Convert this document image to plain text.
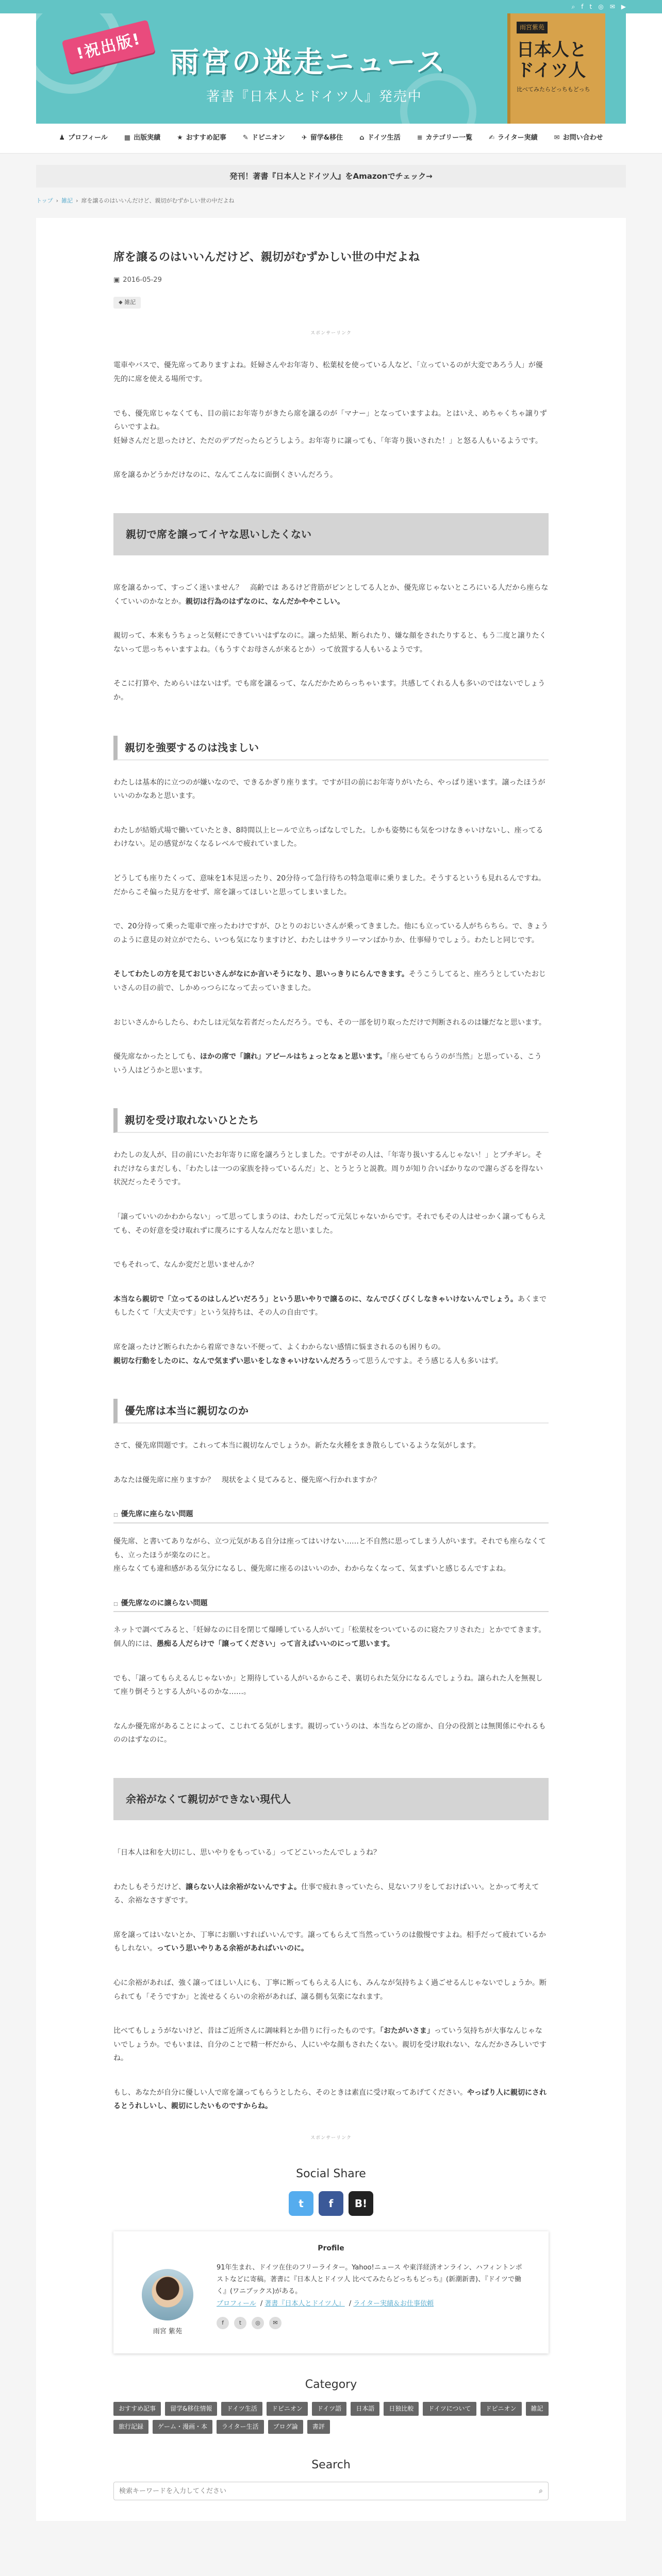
⌕ f t ◎ ✉ ▶
!祝出版! 雨宮の迷走ニュース
著書『日本人とドイツ人』発売中
雨宮紫苑
日本人とドイツ人
比べてみたらどっちもどっち
♟ プロフィール ▦ 出版実績 ★ おすすめ記事 ✎ ドピニオン ✈ 留学&移住 ⌂ ドイツ生活 ≡ カテゴリー一覧 ✍ ライター実績 ✉ お問い合わせ
発刊！著書『日本人とドイツ人』をAmazonでチェック→
トップ › 雑記 › 席を譲るのはいいんだけど、親切がむずかしい世の中だよね
席を譲るのはいいんだけど、親切がむずかしい世の中だよね
▣ 2016-05-29
⬥ 雑記
スポンサーリンク

電車やバスで、優先席ってありますよね。妊婦さんやお年寄り、松葉杖を使っている人など、「立っているのが大変であろう人」が優先的に席を使える場所です。

でも、優先席じゃなくても、目の前にお年寄りがきたら席を譲るのが「マナー」となっていますよね。とはいえ、めちゃくちゃ譲りずらいですよね。
妊婦さんだと思ったけど、ただのデブだったらどうしよう。お年寄りに譲っても、「年寄り扱いされた！」と怒る人もいるようです。

席を譲るかどうかだけなのに、なんてこんなに面倒くさいんだろう。

親切で席を譲ってイヤな思いしたくない

席を譲るかって、すっごく迷いません？　高齢では あるけど背筋がピンとしてる人とか、優先席じゃないところにいる人だから座らなくていいのかなとか。親切は行為のはずなのに、なんだかややこしい。

親切って、本来もうちょっと気軽にできていいはずなのに。譲った結果、断られたり、嫌な顔をされたりすると、もう二度と譲りたくないって思っちゃいますよね。（もうすぐお母さんが来るとか）って放置する人もいるようです。

そこに打算や、ためらいはないはず。でも席を譲るって、なんだかためらっちゃいます。共感してくれる人も多いのではないでしょうか。

親切を強要するのは浅ましい

わたしは基本的に立つのが嫌いなので、できるかぎり座ります。ですが目の前にお年寄りがいたら、やっぱり迷います。譲ったほうがいいのかなあと思います。

わたしが結婚式場で働いていたとき、8時間以上ヒールで立ちっぱなしでした。しかも姿勢にも気をつけなきゃいけないし、座ってるわけない。足の感覚がなくなるレベルで疲れていました。

どうしても座りたくって、意味を1本見送ったり、20分待って急行待ちの特急電車に乗りました。そうするというも見れるんですね。だからこそ偏った見方をせず、席を譲ってほしいと思ってしまいました。

で、20分待って乗った電車で座ったわけですが、ひとりのおじいさんが乗ってきました。他にも立っている人がちらちら。で、きょうのように意見の対立がでたら、いつも気になりますけど、わたしはサラリーマンばかりか、仕事帰りでしょう。わたしと同じです。

そしてわたしの方を見ておじいさんがなにか言いそうになり、思いっきりにらんできます。そうこうしてると、座ろうとしていたおじいさんの目の前で、しかめっつらになって去っていきました。

おじいさんからしたら、わたしは元気な若者だったんだろう。でも、その一部を切り取っただけで判断されるのは嫌だなと思います。

優先席なかったとしても、ほかの席で「譲れ」アピールはちょっとなぁと思います。「座らせてもらうのが当然」と思っている、こういう人はどうかと思います。

親切を受け取れないひとたち

わたしの友人が、目の前にいたお年寄りに席を譲ろうとしました。ですがその人は、「年寄り扱いするんじゃない！」とプチギレ。それだけならまだしも、「わたしは一つの家族を持っているんだ」と、とうとうと説教。周りが知り合いばかりなので謝らざるを得ない状況だったそうです。

「譲っていいのかわからない」って思ってしまうのは、わたしだって元気じゃないからです。それでもその人はせっかく譲ってもらえても、その好意を受け取れずに蔑ろにする人なんだなと思いました。

でもそれって、なんか変だと思いませんか？

本当なら親切で「立ってるのはしんどいだろう」という思いやりで譲るのに、なんでびくびくしなきゃいけないんでしょう。あくまでもしたくて「大丈夫です」という気持ちは、その人の自由です。

席を譲ったけど断られたから着席できない不便って、よくわからない感情に悩まされるのも困りもの。
親切な行動をしたのに、なんで気まずい思いをしなきゃいけないんだろうって思うんですよ。そう感じる人も多いはず。

優先席は本当に親切なのか

さて、優先席問題です。これって本当に親切なんでしょうか。新たな火種をまき散らしているような気がします。

あなたは優先席に座りますか？　現状をよく見てみると、優先席へ行かれますか？

□ 優先席に座らない問題

優先席、と書いてありながら、立つ元気がある自分は座ってはいけない……と不自然に思ってしまう人がいます。それでも座らなくても、立ったほうが楽なのにと。
座らなくても違和感がある気分になるし、優先席に座るのはいいのか、わからなくなって、気まずいと感じるんですよね。

□ 優先席なのに譲らない問題

ネットで調べてみると、「妊婦なのに目を閉じて爆睡している人がいて」「松葉杖をついているのに寝たフリされた」とかでてきます。個人的には、愚痴る人だらけで「譲ってください」って言えばいいのにって思います。

でも、「譲ってもらえるんじゃないか」と期待している人がいるからこそ、裏切られた気分になるんでしょうね。譲られた人を無視して座り倒そうとする人がいるのかな……。

なんか優先席があることによって、こじれてる気がします。親切っていうのは、本当ならどの席か、自分の役割とは無関係にやれるもののはずなのに。

余裕がなくて親切ができない現代人

「日本人は和を大切にし、思いやりをもっている」ってどこいったんでしょうね？

わたしもそうだけど、譲らない人は余裕がないんですよ。仕事で疲れきっていたら、見ないフリをしておけばいい。とかって考えてる、余裕なさすぎです。

席を譲ってはいないとか、丁寧にお願いすればいいんです。譲ってもらえて当然っていうのは傲慢ですよね。相手だって疲れているかもしれない。っていう思いやりある余裕があればいいのに。

心に余裕があれば、強く譲ってほしい人にも、丁寧に断ってもらえる人にも、みんなが気持ちよく過ごせるんじゃないでしょうか。断られても「そうですか」と流せるくらいの余裕があれば、譲る側も気楽になれます。

比べてもしょうがないけど、昔はご近所さんに調味料とか借りに行ったものです。「おたがいさま」っていう気持ちが大事なんじゃないでしょうか。でもいまは、自分のことで精一杯だから、人にいやな顔もされたくない。親切を受け取れない、なんだかさみしいですね。

もし、あなたが自分に優しい人で席を譲ってもらうとしたら、そのときは素直に受け取ってあげてください。やっぱり人に親切にされるとうれしいし、親切にしたいものですからね。

スポンサーリンク
Social Share
t	f	B!
Profile
雨宮 紫苑

91年生まれ、ドイツ在住のフリーライター。Yahoo!ニュース や東洋経済オンライン、ハフィントンポストなどに寄稿。著書に『日本人とドイツ人 比べてみたらどっちもどっち』(新潮新書)、『ドイツで働く』(ワニブックス)がある。

プロフィール / 著書『日本人とドイツ人』 / ライター実績＆お仕事依頼

f	t	◎	✉
Category
おすすめ記事	留学&移住情報	ドイツ生活	ドピニオン	ドイツ語	日本語	日独比較	ドイツについて	ドピニオン	雑記
旅行記録	ゲーム・漫画・本	ライター生活	ブログ論	書評
Search
検索キーワードを入力してください
⌕
